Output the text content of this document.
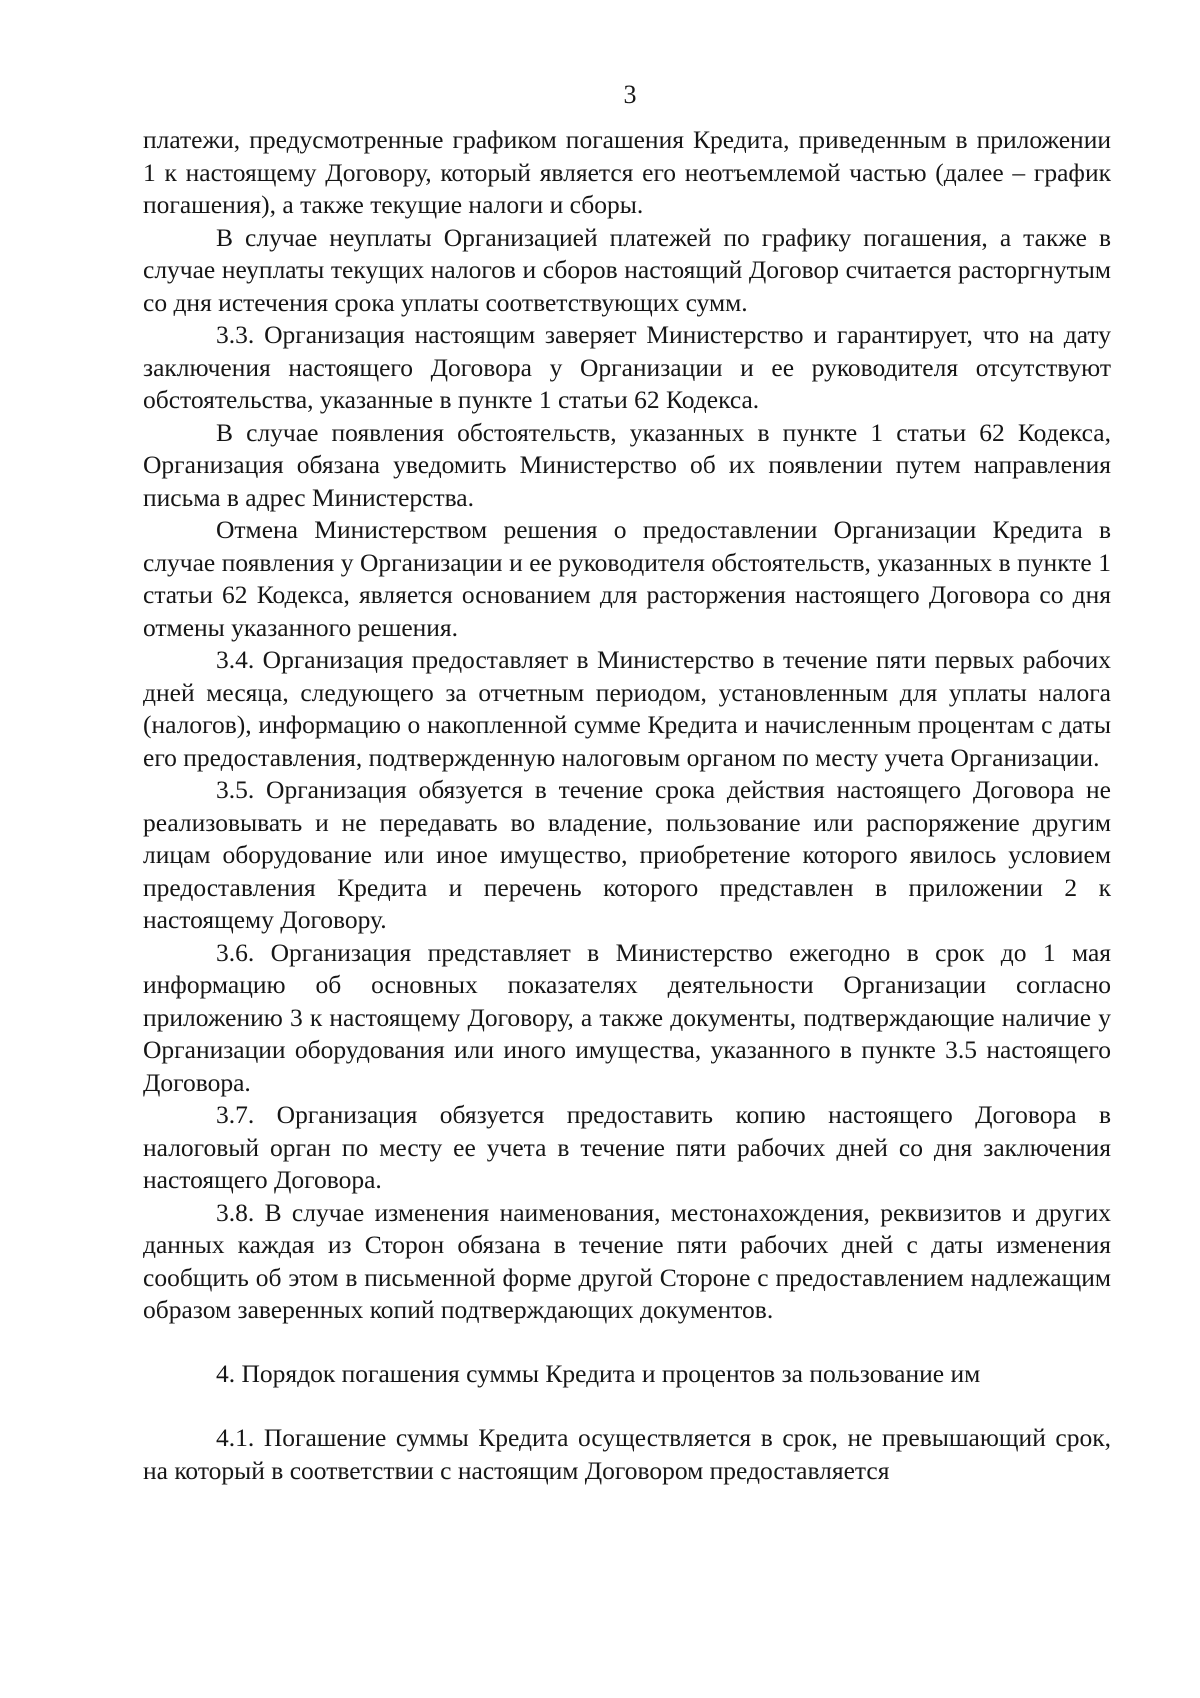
3

платежи, предусмотренные графиком погашения Кредита, приведенным в приложении 1 к настоящему Договору, который является его неотъемлемой частью (далее – график погашения), а также текущие налоги и сборы.

В случае неуплаты Организацией платежей по графику погашения, а также в случае неуплаты текущих налогов и сборов настоящий Договор считается расторгнутым со дня истечения срока уплаты соответствующих сумм.

3.3. Организация настоящим заверяет Министерство и гарантирует, что на дату заключения настоящего Договора у Организации и ее руководителя отсутствуют обстоятельства, указанные в пункте 1 статьи 62 Кодекса.

В случае появления обстоятельств, указанных в пункте 1 статьи 62 Кодекса, Организация обязана уведомить Министерство об их появлении путем направления письма в адрес Министерства.

Отмена Министерством решения о предоставлении Организации Кредита в случае появления у Организации и ее руководителя обстоятельств, указанных в пункте 1 статьи 62 Кодекса, является основанием для расторжения настоящего Договора со дня отмены указанного решения.

3.4. Организация предоставляет в Министерство в течение пяти первых рабочих дней месяца, следующего за отчетным периодом, установленным для уплаты налога (налогов), информацию о накопленной сумме Кредита и начисленным процентам с даты его предоставления, подтвержденную налоговым органом по месту учета Организации.

3.5. Организация обязуется в течение срока действия настоящего Договора не реализовывать и не передавать во владение, пользование или распоряжение другим лицам оборудование или иное имущество, приобретение которого явилось условием предоставления Кредита и перечень которого представлен в приложении 2 к настоящему Договору.

3.6. Организация представляет в Министерство ежегодно в срок до 1 мая информацию об основных показателях деятельности Организации согласно приложению 3 к настоящему Договору, а также документы, подтверждающие наличие у Организации оборудования или иного имущества, указанного в пункте 3.5 настоящего Договора.

3.7. Организация обязуется предоставить копию настоящего Договора в налоговый орган по месту ее учета в течение пяти рабочих дней со дня заключения настоящего Договора.

3.8. В случае изменения наименования, местонахождения, реквизитов и других данных каждая из Сторон обязана в течение пяти рабочих дней с даты изменения сообщить об этом в письменной форме другой Стороне с предоставлением надлежащим образом заверенных копий подтверждающих документов.

4. Порядок погашения суммы Кредита и процентов за пользование им

4.1. Погашение суммы Кредита осуществляется в срок, не превышающий срок, на который в соответствии с настоящим Договором предоставляется
